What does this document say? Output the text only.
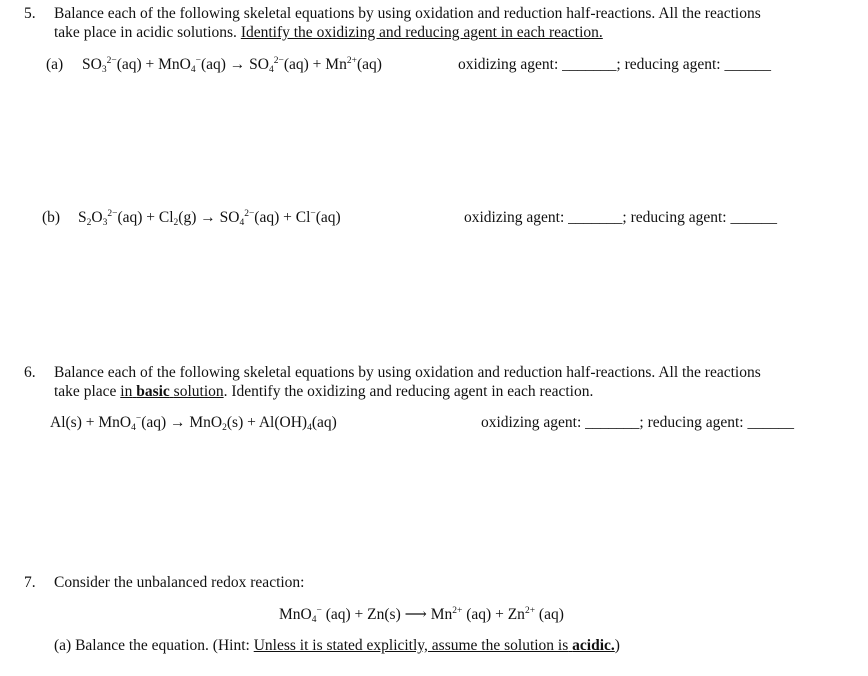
5. Balance each of the following skeletal equations by using oxidation and reduction half-reactions. All the reactions
take place in acidic solutions. Identify the oxidizing and reducing agent in each reaction.
(a) $SO_3^{2-}(aq) + MnO_4^-(aq) \to SO_4^{2-}(aq) + Mn^{2+}(aq)$	oxidizing agent: _______; reducing agent: ______
(b) $S_2O_3^{2-}(aq) + Cl_2(g) \to SO_4^{2-}(aq) + Cl^-(aq)$	oxidizing agent: _______; reducing agent: ______
6. Balance each of the following skeletal equations by using oxidation and reduction half-reactions. All the reactions
take place in basic solution. Identify the oxidizing and reducing agent in each reaction.
$Al(s) + MnO_4^-(aq) \to MnO_2(s) + Al(OH)_4(aq)$	oxidizing agent: _______; reducing agent: ______
7. Consider the unbalanced redox reaction:
MnO$_4$− (aq) + Zn(s) ⟶ $Mn^{2+}$ $(aq) + Zn^{2+}$ (aq)
(a) Balance the equation. (Hint: Unless it is stated explicitly, assume the solution is acidic.)
